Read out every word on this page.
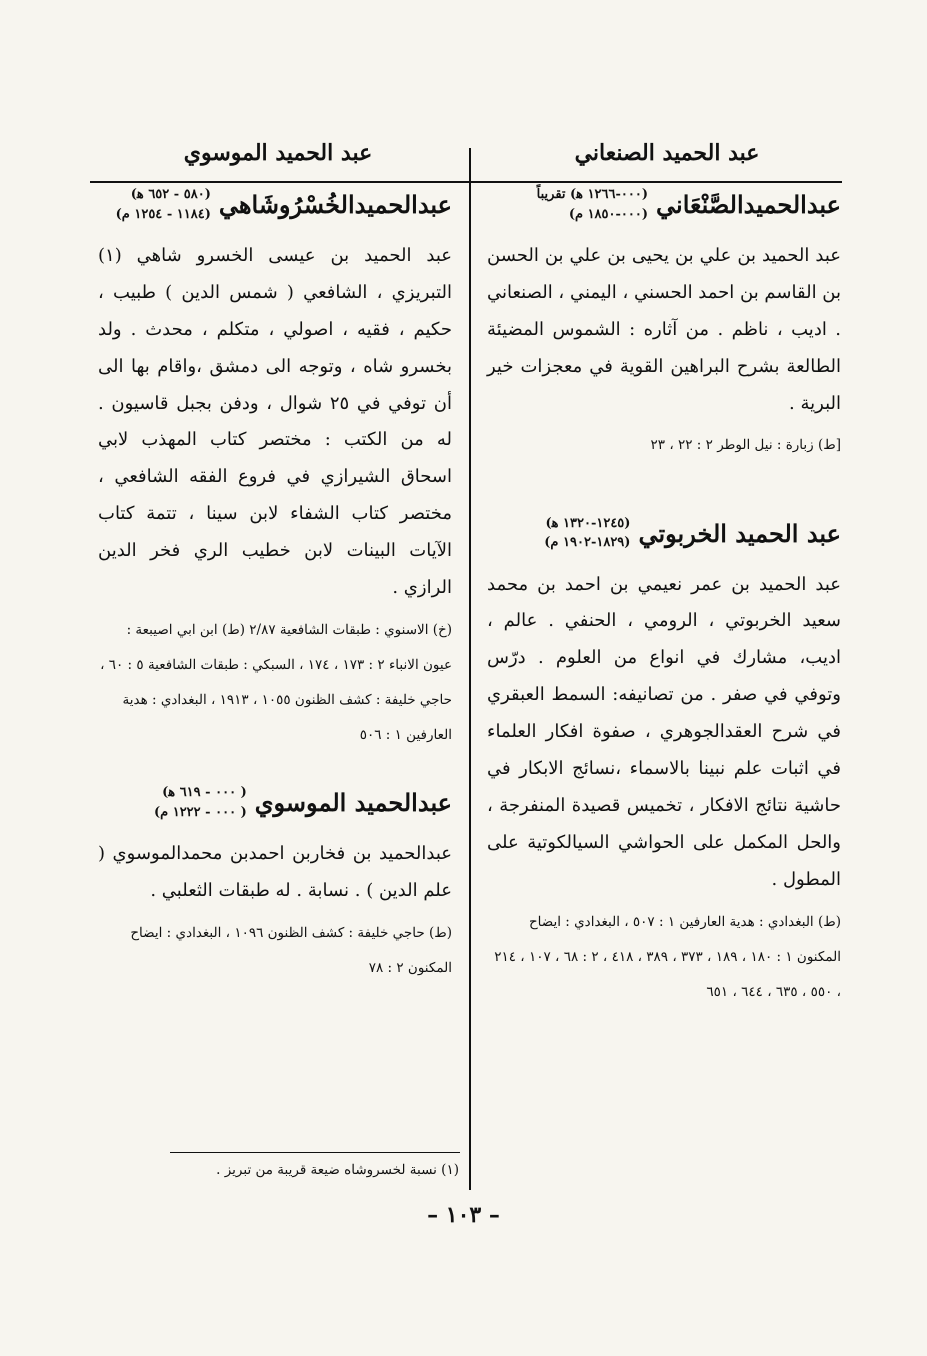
عبد الحميد الصنعاني
عبد الحميد الموسوي
عبدالحميدالصَّنْعَاني
(٠٠٠-١٢٦٦ ﻫ) تقريباً
(٠٠٠-١٨٥٠ م)

عبد الحميد بن علي بن يحيى بن علي بن الحسن بن القاسم بن احمد الحسني ، اليمني ، الصنعاني . اديب ، ناظم . من آثاره : الشموس المضيئة الطالعة بشرح البراهين القوية في معجزات خير البرية .

[ط) زبارة : نيل الوطر ٢ : ٢٢ ، ٢٣

عبد الحميد الخربوتي
(١٢٤٥-١٣٢٠ ﻫ)
(١٨٢٩-١٩٠٢ م)

عبد الحميد بن عمر نعيمي بن احمد بن محمد سعيد الخربوتي ، الرومي ، الحنفي . عالم ، اديب، مشارك في انواع من العلوم . درّس وتوفي في صفر . من تصانيفه: السمط العبقري في شرح العقدالجوهري ، صفوة افكار العلماء في اثبات علم نبينا بالاسماء ،نسائج الابكار في حاشية نتائج الافكار ، تخميس قصيدة المنفرجة ، والحل المكمل على الحواشي السيالكوتية على المطول .

(ط) البغدادي : هدية العارفين ١ : ٥٠٧ ، البغدادي : ايضاح المكنون ١ : ١٨٠ ، ١٨٩ ، ٣٧٣ ، ٣٨٩ ، ٤١٨ ، ٢ : ٦٨ ، ١٠٧ ، ٢١٤ ، ٥٥٠ ، ٦٣٥ ، ٦٤٤ ، ٦٥١

عبدالحميدالخُسْرُوشَاهي
(٥٨٠ - ٦٥٢ ﻫ)
(١١٨٤ - ١٢٥٤ م)

عبد الحميد بن عيسى الخسرو شاهي (١) التبريزي ، الشافعي ( شمس الدين ) طبيب ، حكيم ، فقيه ، اصولي ، متكلم ، محدث . ولد بخسرو شاه ، وتوجه الى دمشق ،واقام بها الى أن توفي في ٢٥ شوال ، ودفن بجبل قاسيون . له من الكتب : مختصر كتاب المهذب لابي اسحاق الشيرازي في فروع الفقه الشافعي ، مختصر كتاب الشفاء لابن سينا ، تتمة كتاب الآيات البينات لابن خطيب الري فخر الدين الرازي .

(خ) الاسنوي : طبقات الشافعية ٢/٨٧ (ط) ابن ابي اصيبعة : عيون الانباء ٢ : ١٧٣ ، ١٧٤ ، السبكي : طبقات الشافعية ٥ : ٦٠ ، حاجي خليفة : كشف الظنون ١٠٥٥ ، ١٩١٣ ، البغدادي : هدية العارفين ١ : ٥٠٦

عبدالحميد الموسوي
( ٠٠٠ - ٦١٩ ﻫ)
( ٠٠٠ - ١٢٢٢ م)

عبدالحميد بن فخاربن احمدبن محمدالموسوي ( علم الدين ) . نسابة . له طبقات الثعلبي .

(ط) حاجي خليفة : كشف الظنون ١٠٩٦ ، البغدادي : ايضاح المكنون ٢ : ٧٨

(١) نسبة لخسروشاه ضيعة قريبة من تبريز .
– ١٠٣ –
